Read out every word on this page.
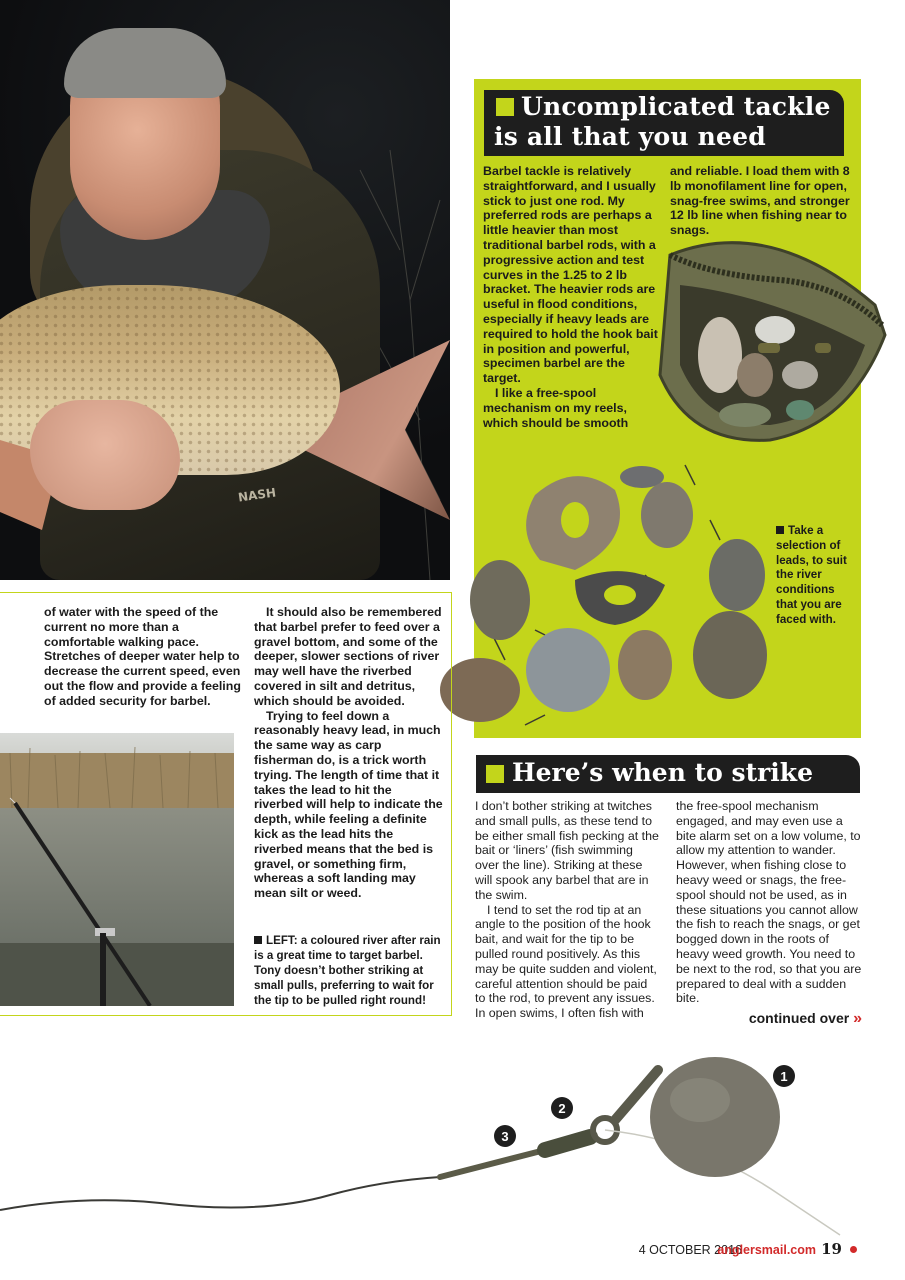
NASH
Uncomplicated tackle
is all that you need

Barbel tackle is relatively straightforward, and I usually stick to just one rod. My preferred rods are perhaps a little heavier than most traditional barbel rods, with a progressive action and test curves in the 1.25 to 2 lb bracket. The heavier rods are useful in flood conditions, especially if heavy leads are required to hold the hook bait in position and powerful, specimen barbel are the target.

I like a free-spool mechanism on my reels, which should be smooth

and reliable. I load them with 8 lb monofilament line for open, snag-free swims, and stronger 12 lb line when fishing near to snags.

Take a selection of leads, to suit the river conditions that you are faced with.

of water with the speed of the current no more than a comfortable walking pace. Stretches of deeper water help to decrease the current speed, even out the flow and provide a feeling of added security for barbel.

It should also be remembered that barbel prefer to feed over a gravel bottom, and some of the deeper, slower sections of river may well have the riverbed covered in silt and detritus, which should be avoided.

Trying to feel down a reasonably heavy lead, in much the same way as carp fisherman do, is a trick worth trying. The length of time that it takes the lead to hit the riverbed will help to indicate the depth, while feeling a definite kick as the lead hits the riverbed means that the bed is gravel, or something firm, whereas a soft landing may mean silt or weed.

LEFT: a coloured river after rain is a great time to target barbel. Tony doesn’t bother striking at small pulls, preferring to wait for the tip to be pulled right round!
Here’s when to strike

I don’t bother striking at twitches and small pulls, as these tend to be either small fish pecking at the bait or ‘liners’ (fish swimming over the line). Striking at these will spook any barbel that are in the swim.

I tend to set the rod tip at an angle to the position of the hook bait, and wait for the tip to be pulled round positively. As this may be quite sudden and violent, careful attention should be paid to the rod, to prevent any issues. In open swims, I often fish with

the free-spool mechanism engaged, and may even use a bite alarm set on a low volume, to allow my attention to wander. However, when fishing close to heavy weed or snags, the free-spool should not be used, as in these situations you cannot allow the fish to reach the snags, or get bogged down in the roots of heavy weed growth. You need to be next to the rod, so that you are prepared to deal with a sudden bite.

continued over »
1
2
3
4 OCTOBER 2016
anglersmail.com 19
